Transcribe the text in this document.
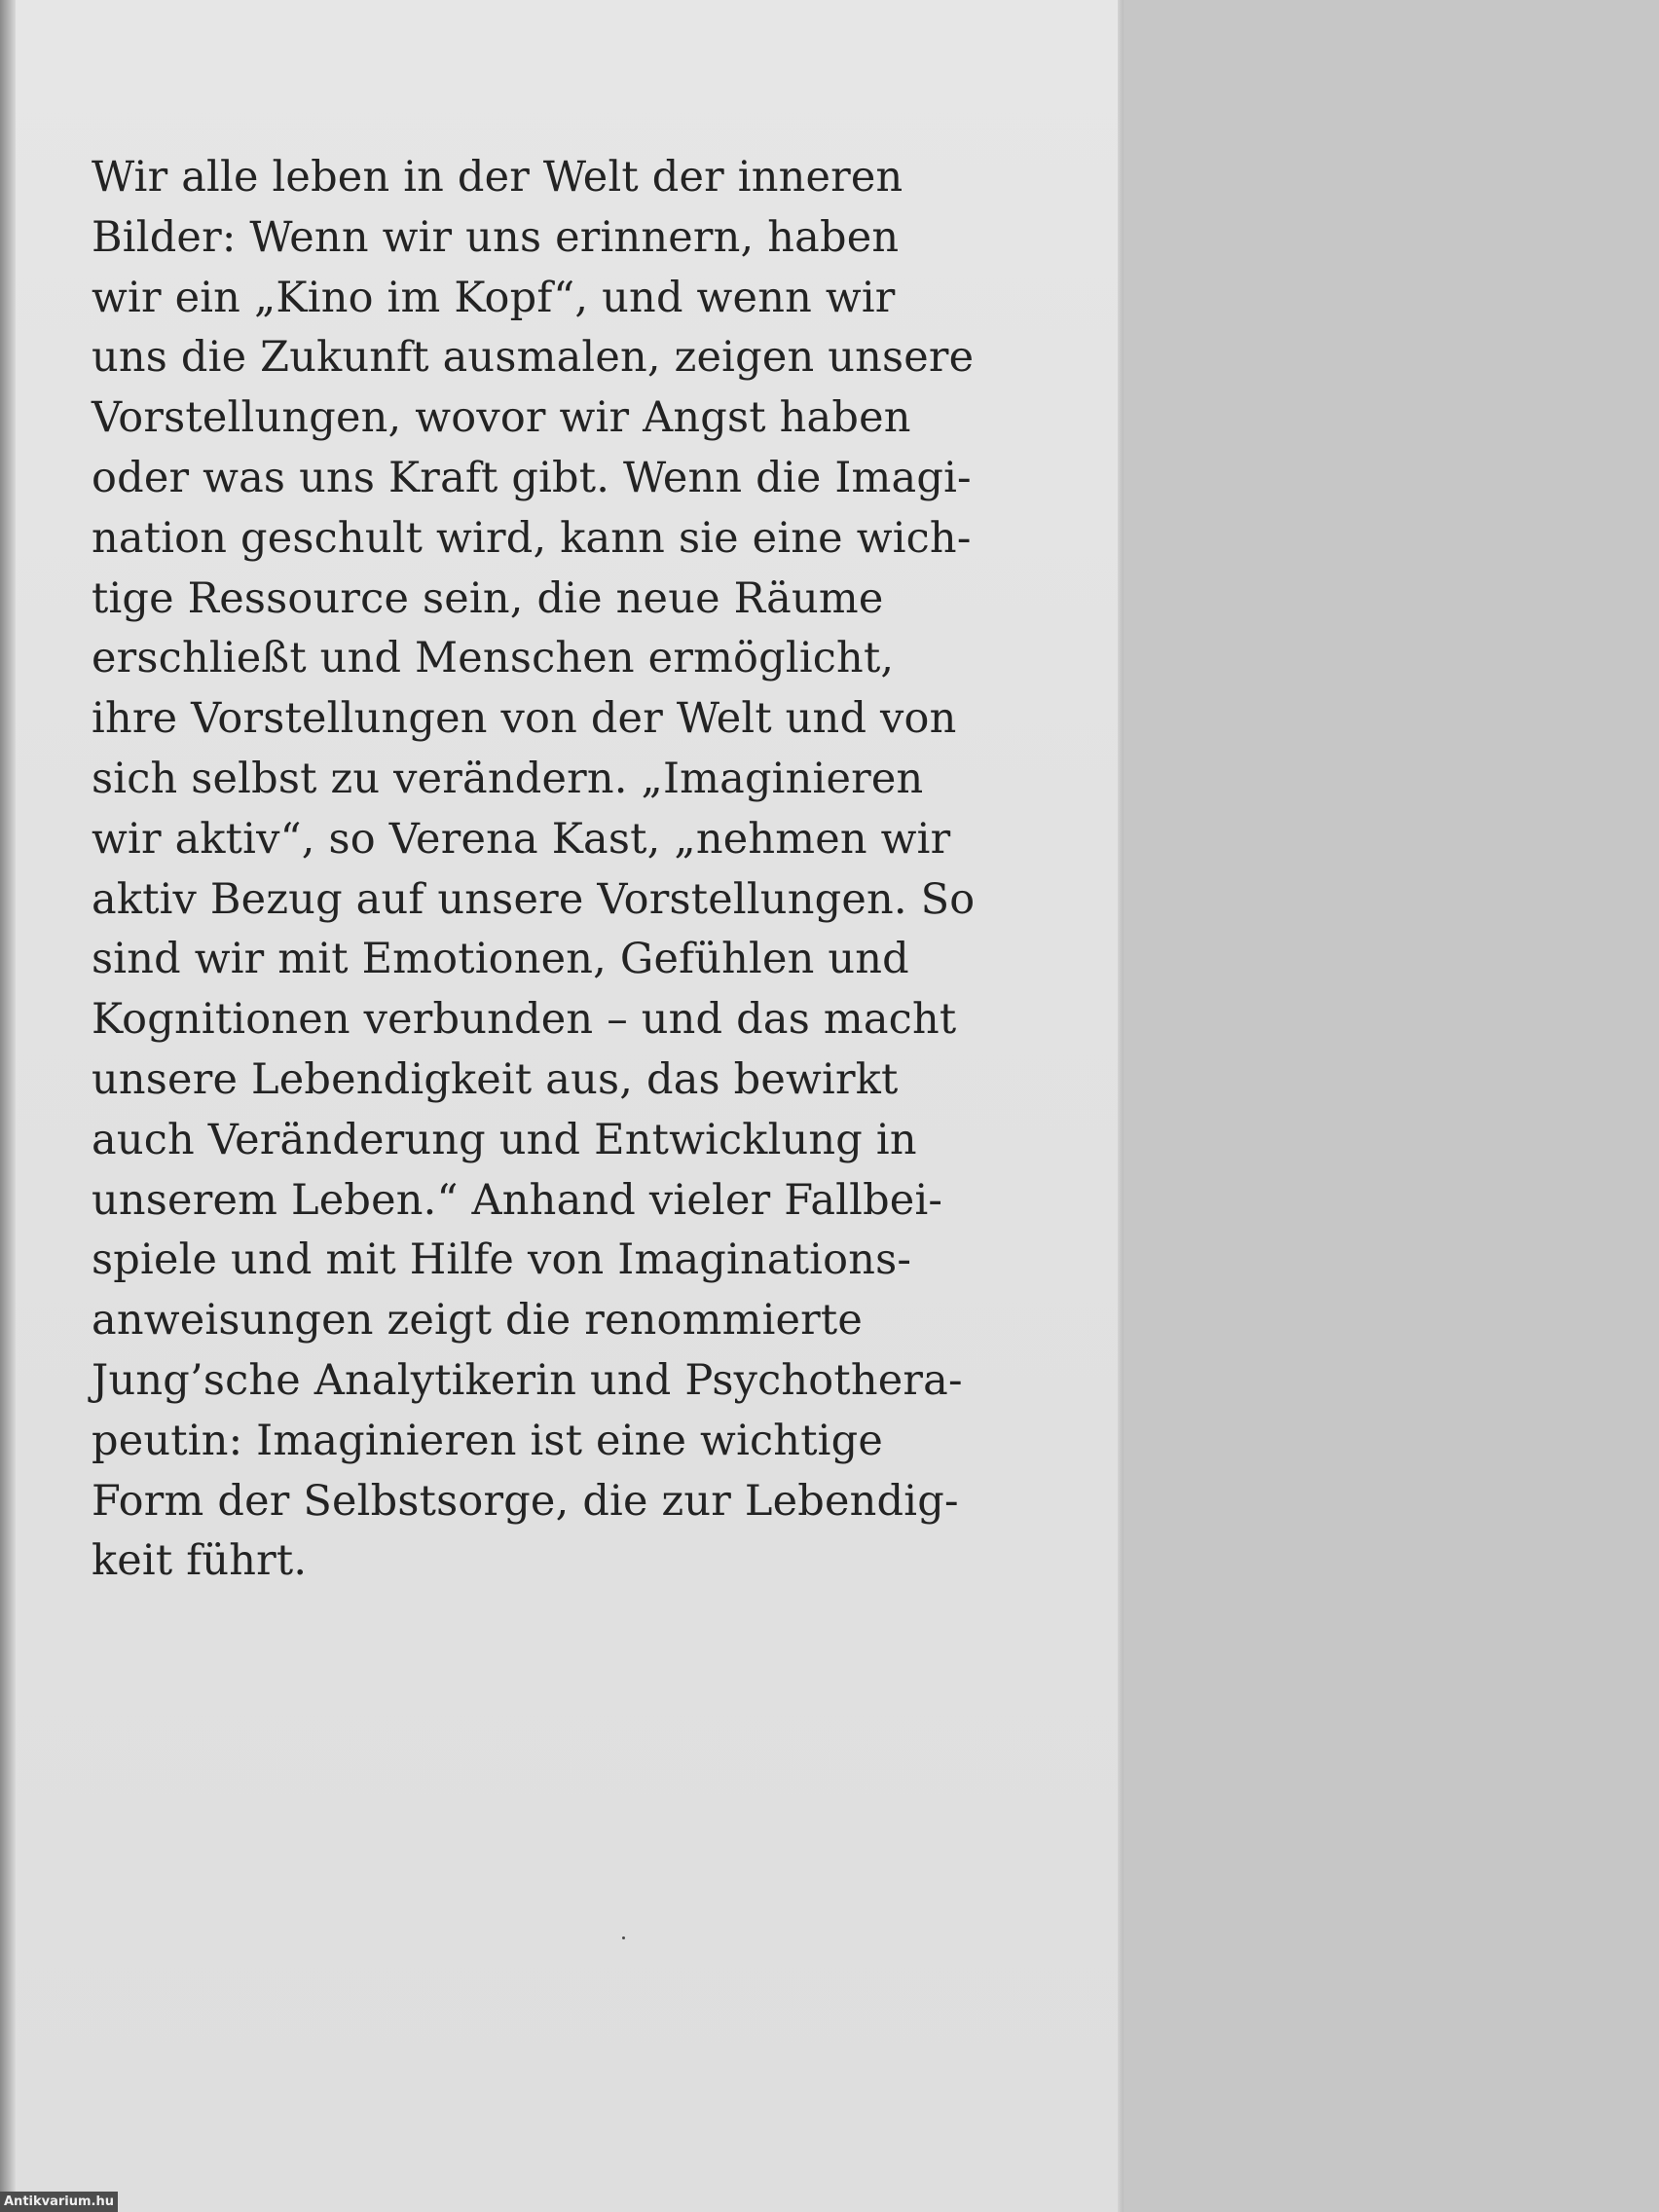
Wir alle leben in der Welt der inneren
Bilder: Wenn wir uns erinnern, haben
wir ein „Kino im Kopf“, und wenn wir
uns die Zukunft ausmalen, zeigen unsere
Vorstellungen, wovor wir Angst haben
oder was uns Kraft gibt. Wenn die Imagi-
nation geschult wird, kann sie eine wich-
tige Ressource sein, die neue Räume
erschließt und Menschen ermöglicht,
ihre Vorstellungen von der Welt und von
sich selbst zu verändern. „Imaginieren
wir aktiv“, so Verena Kast, „nehmen wir
aktiv Bezug auf unsere Vorstellungen. So
sind wir mit Emotionen, Gefühlen und
Kognitionen verbunden – und das macht
unsere Lebendigkeit aus, das bewirkt
auch Veränderung und Entwicklung in
unserem Leben.“ Anhand vieler Fallbei-
spiele und mit Hilfe von Imaginations-
anweisungen zeigt die renommierte
Jung’sche Analytikerin und Psychothera-
peutin: Imaginieren ist eine wichtige
Form der Selbstsorge, die zur Lebendig-
keit führt.

Antikvarium.hu
